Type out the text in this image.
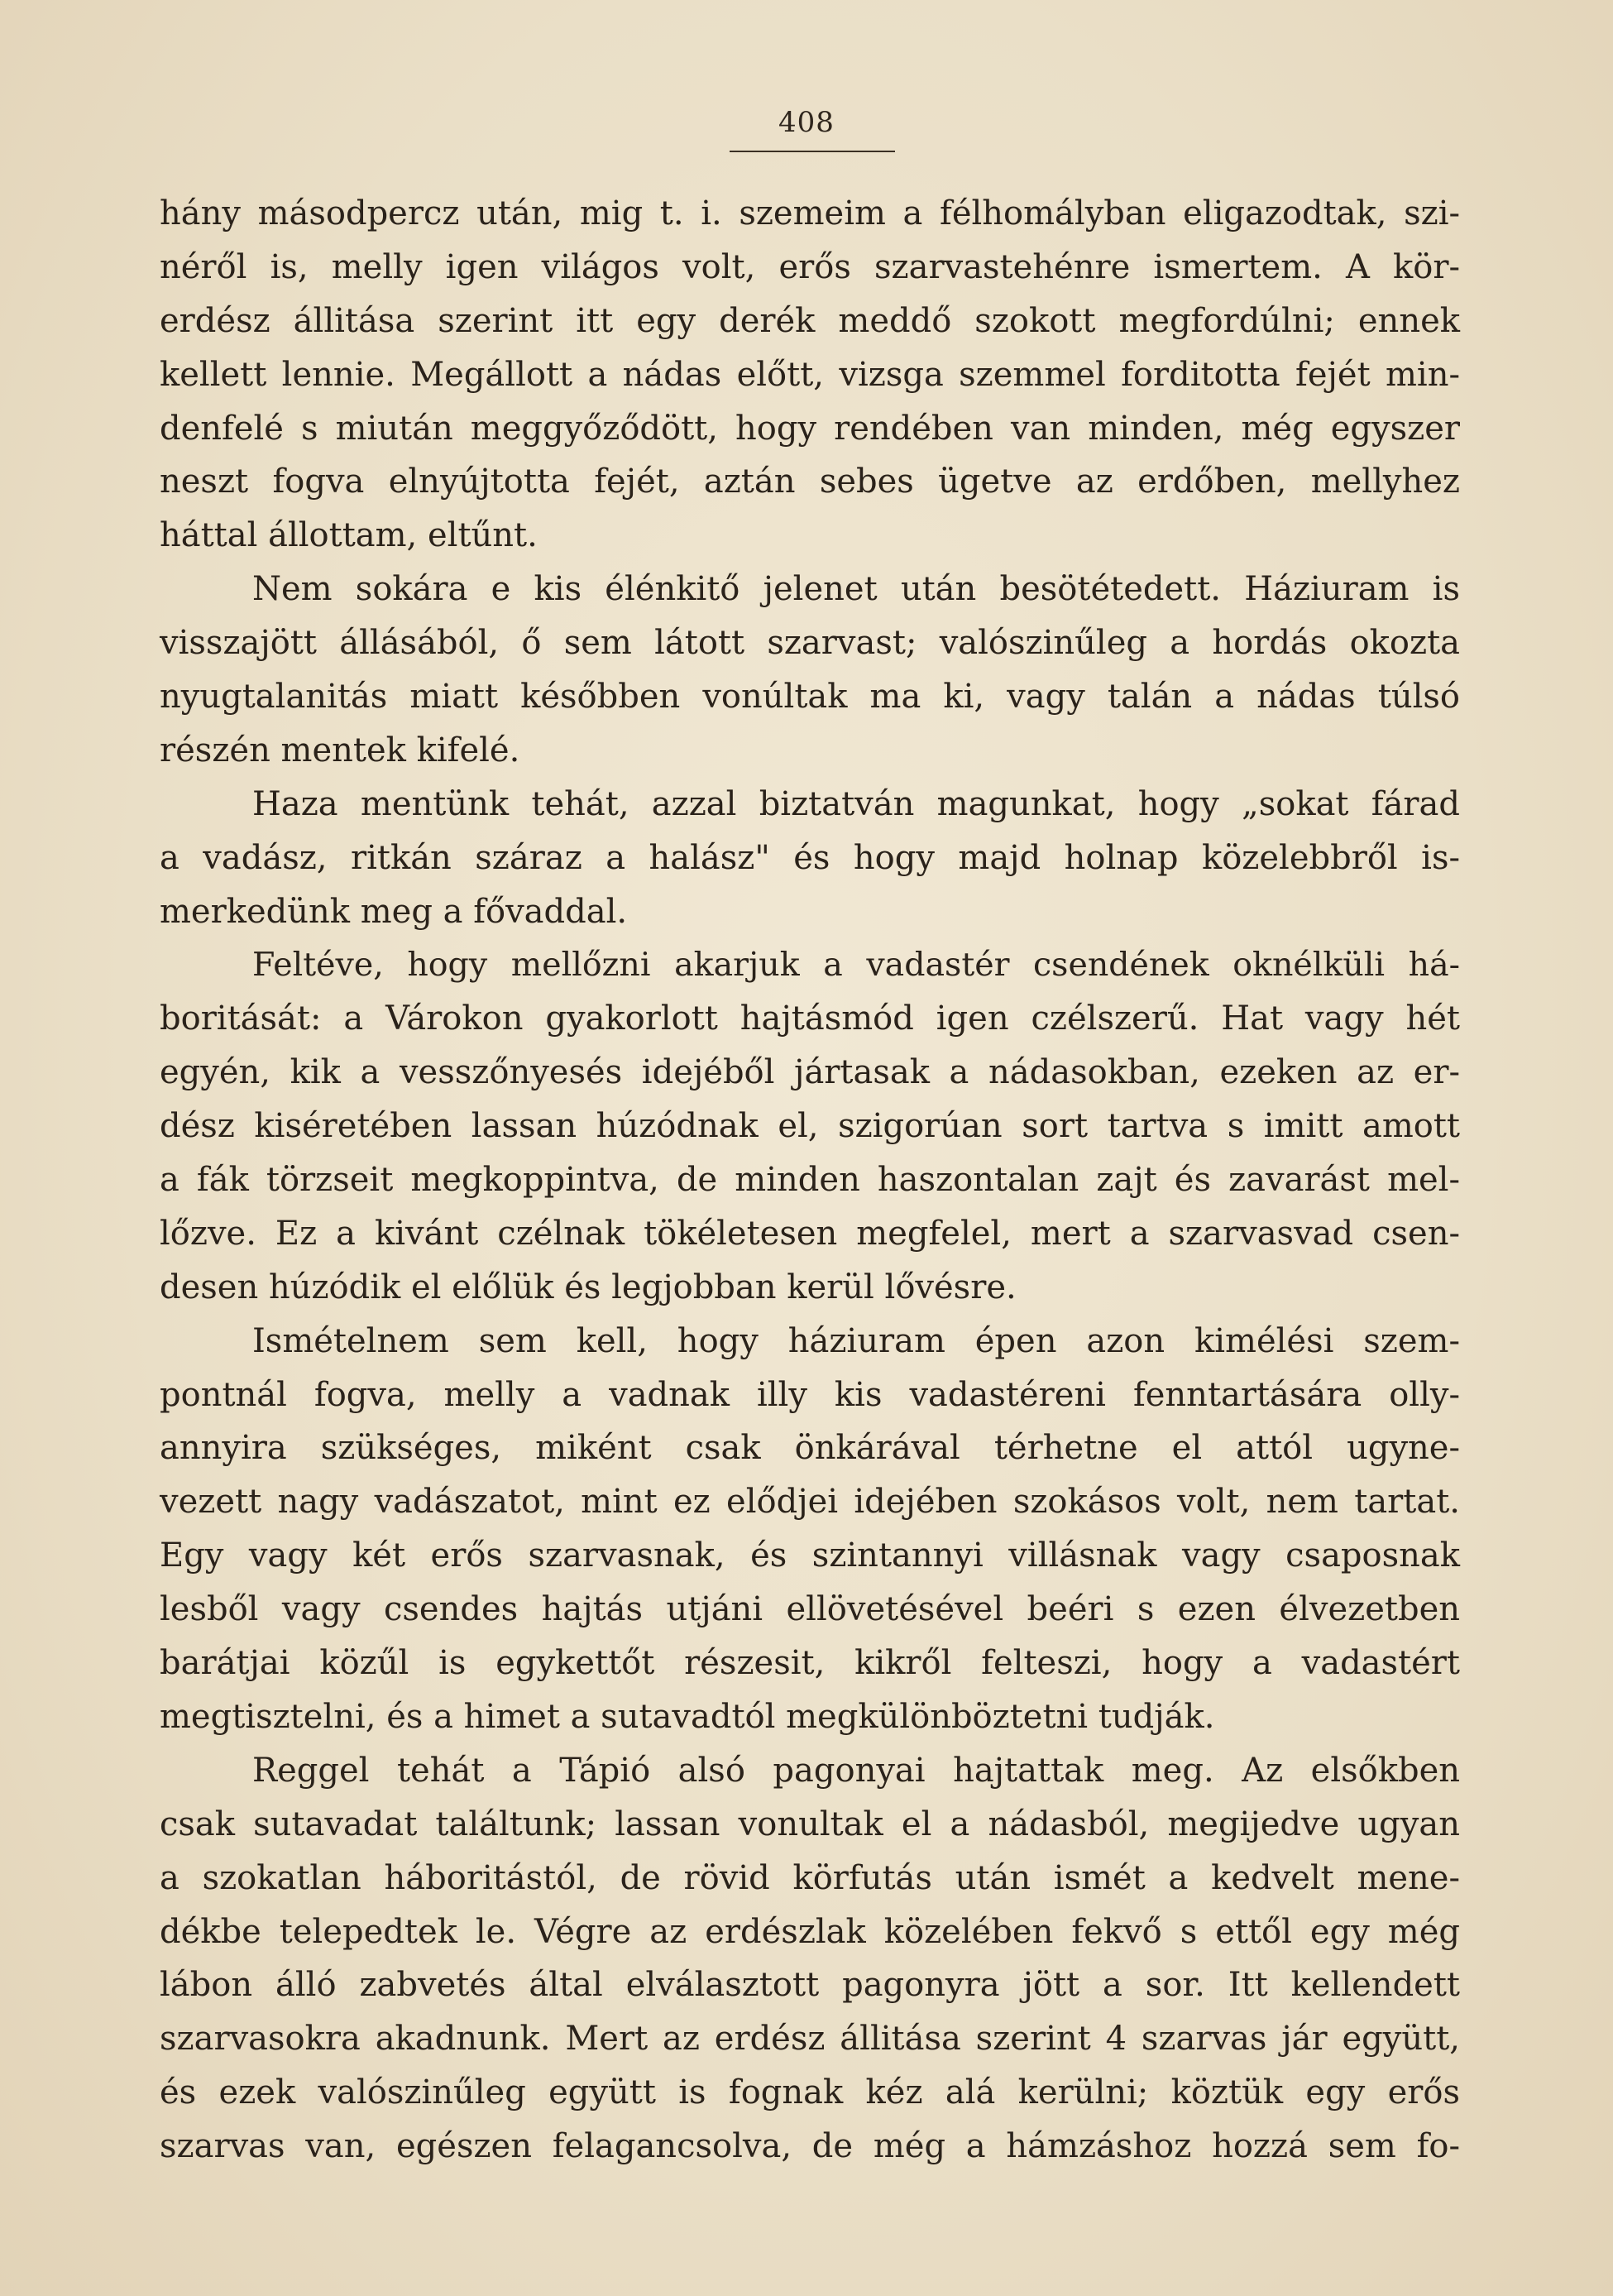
408
hány másodpercz után, mig t. i. szemeim a félhomályban eligazodtak, szi-
néről is, melly igen világos volt, erős szarvastehénre ismertem. A kör-
erdész állitása szerint itt egy derék meddő szokott megfordúlni; ennek
kellett lennie. Megállott a nádas előtt, vizsga szemmel forditotta fejét min-
denfelé s miután meggyőződött, hogy rendében van minden, még egyszer
neszt fogva elnyújtotta fejét, aztán sebes ügetve az erdőben, mellyhez
háttal állottam, eltűnt.
Nem sokára e kis élénkitő jelenet után besötétedett. Háziuram is
visszajött állásából, ő sem látott szarvast; valószinűleg a hordás okozta
nyugtalanitás miatt későbben vonúltak ma ki, vagy talán a nádas túlsó
részén mentek kifelé.
Haza mentünk tehát, azzal biztatván magunkat, hogy „sokat fárad
a vadász, ritkán száraz a halász" és hogy majd holnap közelebbről is-
merkedünk meg a fővaddal.
Feltéve, hogy mellőzni akarjuk a vadastér csendének oknélküli há-
boritását: a Várokon gyakorlott hajtásmód igen czélszerű. Hat vagy hét
egyén, kik a vesszőnyesés idejéből jártasak a nádasokban, ezeken az er-
dész kiséretében lassan húzódnak el, szigorúan sort tartva s imitt amott
a fák törzseit megkoppintva, de minden haszontalan zajt és zavarást mel-
lőzve. Ez a kivánt czélnak tökéletesen megfelel, mert a szarvasvad csen-
desen húzódik el előlük és legjobban kerül lővésre.
Ismételnem sem kell, hogy háziuram épen azon kimélési szem-
pontnál fogva, melly a vadnak illy kis vadastéreni fenntartására olly-
annyira szükséges, miként csak önkárával térhetne el attól ugyne-
vezett nagy vadászatot, mint ez elődjei idejében szokásos volt, nem tartat.
Egy vagy két erős szarvasnak, és szintannyi villásnak vagy csaposnak
lesből vagy csendes hajtás utjáni ellövetésével beéri s ezen élvezetben
barátjai közűl is egykettőt részesit, kikről felteszi, hogy a vadastért
megtisztelni, és a himet a sutavadtól megkülönböztetni tudják.
Reggel tehát a Tápió alsó pagonyai hajtattak meg. Az elsőkben
csak sutavadat találtunk; lassan vonultak el a nádasból, megijedve ugyan
a szokatlan háboritástól, de rövid körfutás után ismét a kedvelt mene-
dékbe telepedtek le. Végre az erdészlak közelében fekvő s ettől egy még
lábon álló zabvetés által elválasztott pagonyra jött a sor. Itt kellendett
szarvasokra akadnunk. Mert az erdész állitása szerint 4 szarvas jár együtt,
és ezek valószinűleg együtt is fognak kéz alá kerülni; köztük egy erős
szarvas van, egészen felagancsolva, de még a hámzáshoz hozzá sem fo-
